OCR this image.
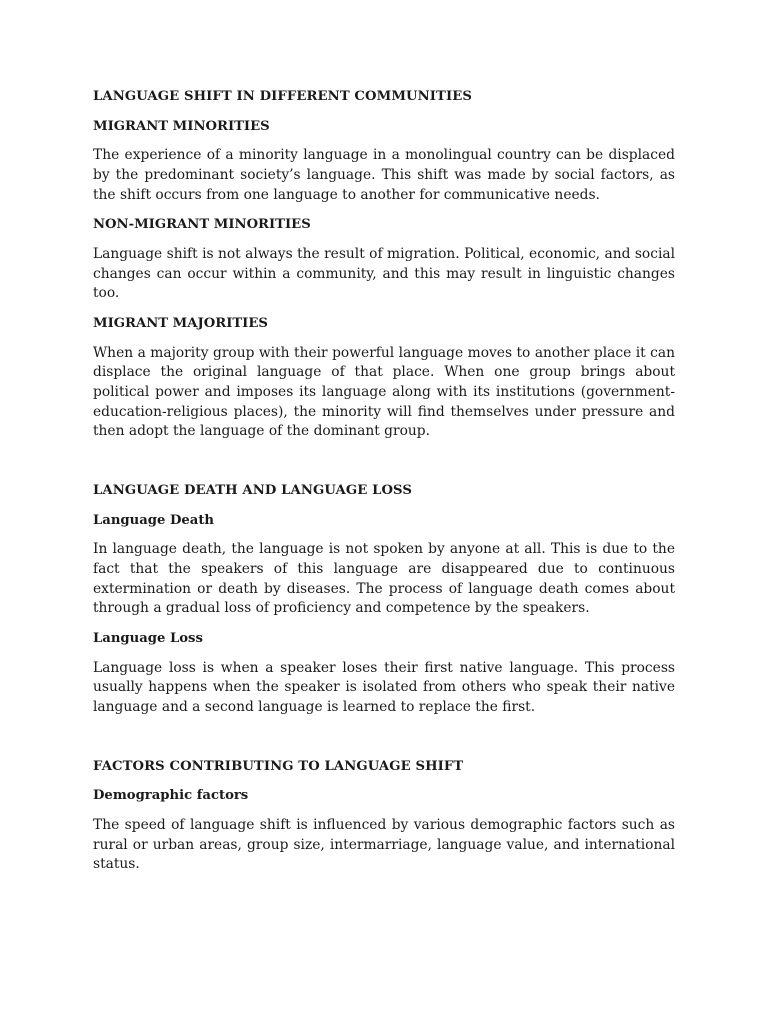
LANGUAGE SHIFT IN DIFFERENT COMMUNITIES

MIGRANT MINORITIES

The experience of a minority language in a monolingual country can be displaced by the predominant society’s language. This shift was made by social factors, as the shift occurs from one language to another for communicative needs.

NON-MIGRANT MINORITIES

Language shift is not always the result of migration. Political, economic, and social changes can occur within a community, and this may result in linguistic changes too.

MIGRANT MAJORITIES

When a majority group with their powerful language moves to another place it can displace the original language of that place. When one group brings about political power and imposes its language along with its institutions (government-education-religious places), the minority will find themselves under pressure and then adopt the language of the dominant group.

LANGUAGE DEATH AND LANGUAGE LOSS

Language Death

In language death, the language is not spoken by anyone at all. This is due to the fact that the speakers of this language are disappeared due to continuous extermination or death by diseases. The process of language death comes about through a gradual loss of proficiency and competence by the speakers.

Language Loss

Language loss is when a speaker loses their first native language. This process usually happens when the speaker is isolated from others who speak their native language and a second language is learned to replace the first.

FACTORS CONTRIBUTING TO LANGUAGE SHIFT

Demographic factors

The speed of language shift is influenced by various demographic factors such as rural or urban areas, group size, intermarriage, language value, and international status.
